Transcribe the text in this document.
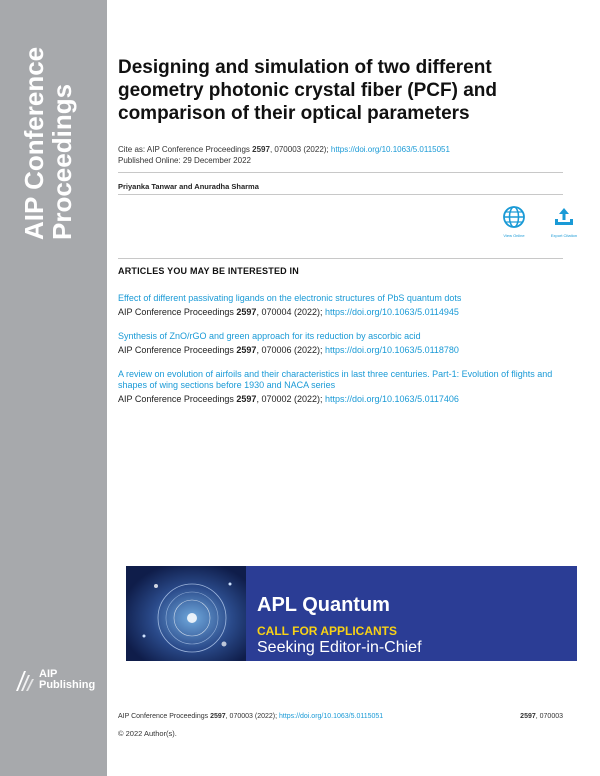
AIP Conference
Proceedings
AIP
Publishing
Designing and simulation of two different geometry photonic crystal fiber (PCF) and comparison of their optical parameters
Cite as: AIP Conference Proceedings 2597, 070003 (2022); https://doi.org/10.1063/5.0115051
Published Online: 29 December 2022
Priyanka Tanwar and Anuradha Sharma
View Online	Export Citation
ARTICLES YOU MAY BE INTERESTED IN
Effect of different passivating ligands on the electronic structures of PbS quantum dots
AIP Conference Proceedings 2597, 070004 (2022); https://doi.org/10.1063/5.0114945
Synthesis of ZnO/rGO and green approach for its reduction by ascorbic acid
AIP Conference Proceedings 2597, 070006 (2022); https://doi.org/10.1063/5.0118780
A review on evolution of airfoils and their characteristics in last three centuries. Part-1: Evolution of flights and shapes of wing sections before 1930 and NACA series
AIP Conference Proceedings 2597, 070002 (2022); https://doi.org/10.1063/5.0117406
APL Quantum
CALL FOR APPLICANTS
Seeking Editor-in-Chief
AIP Conference Proceedings 2597, 070003 (2022); https://doi.org/10.1063/5.0115051	2597, 070003
© 2022 Author(s).
